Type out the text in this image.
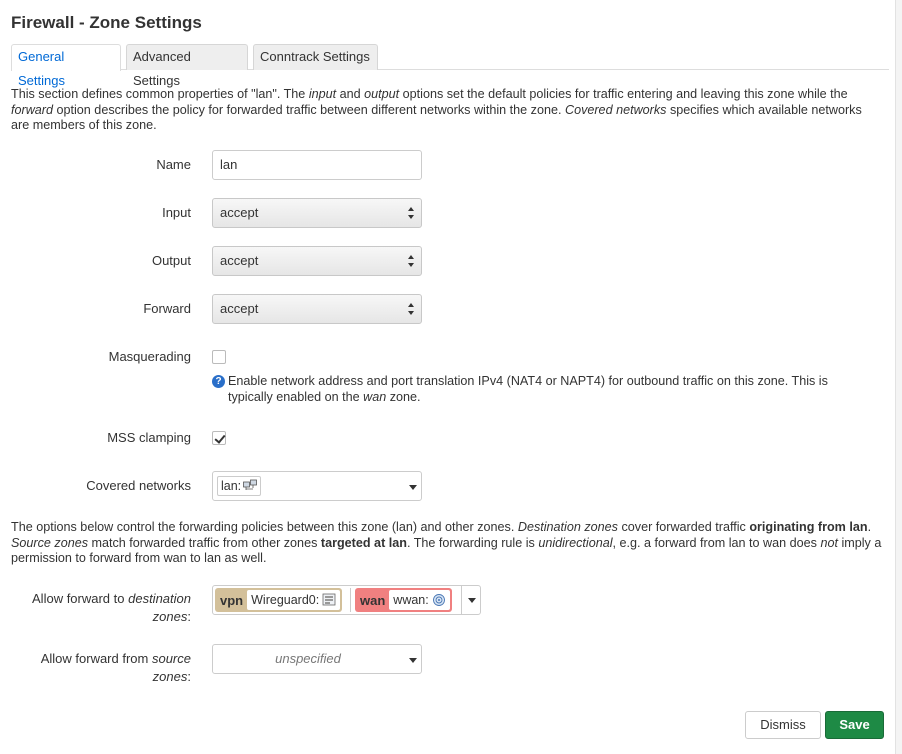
Firewall - Zone Settings
General Settings
Advanced Settings
Conntrack Settings
This section defines common properties of "lan". The input and output options set the default policies for traffic entering and leaving this zone while the forward option describes the policy for forwarded traffic between different networks within the zone. Covered networks specifies which available networks are members of this zone.
Name	lan
Input	accept
Output	accept
Forward	accept
Masquerading
? Enable network address and port translation IPv4 (NAT4 or NAPT4) for outbound traffic on this zone. This is typically enabled on the wan zone.
MSS clamping
Covered networks	lan:
The options below control the forwarding policies between this zone (lan) and other zones. Destination zones cover forwarded traffic originating from lan. Source zones match forwarded traffic from other zones targeted at lan. The forwarding rule is unidirectional, e.g. a forward from lan to wan does not imply a permission to forward from wan to lan as well.
Allow forward to destination zones:
vpn Wireguard0:	wan wwan:
Allow forward from source zones:
unspecified
Dismiss	Save
